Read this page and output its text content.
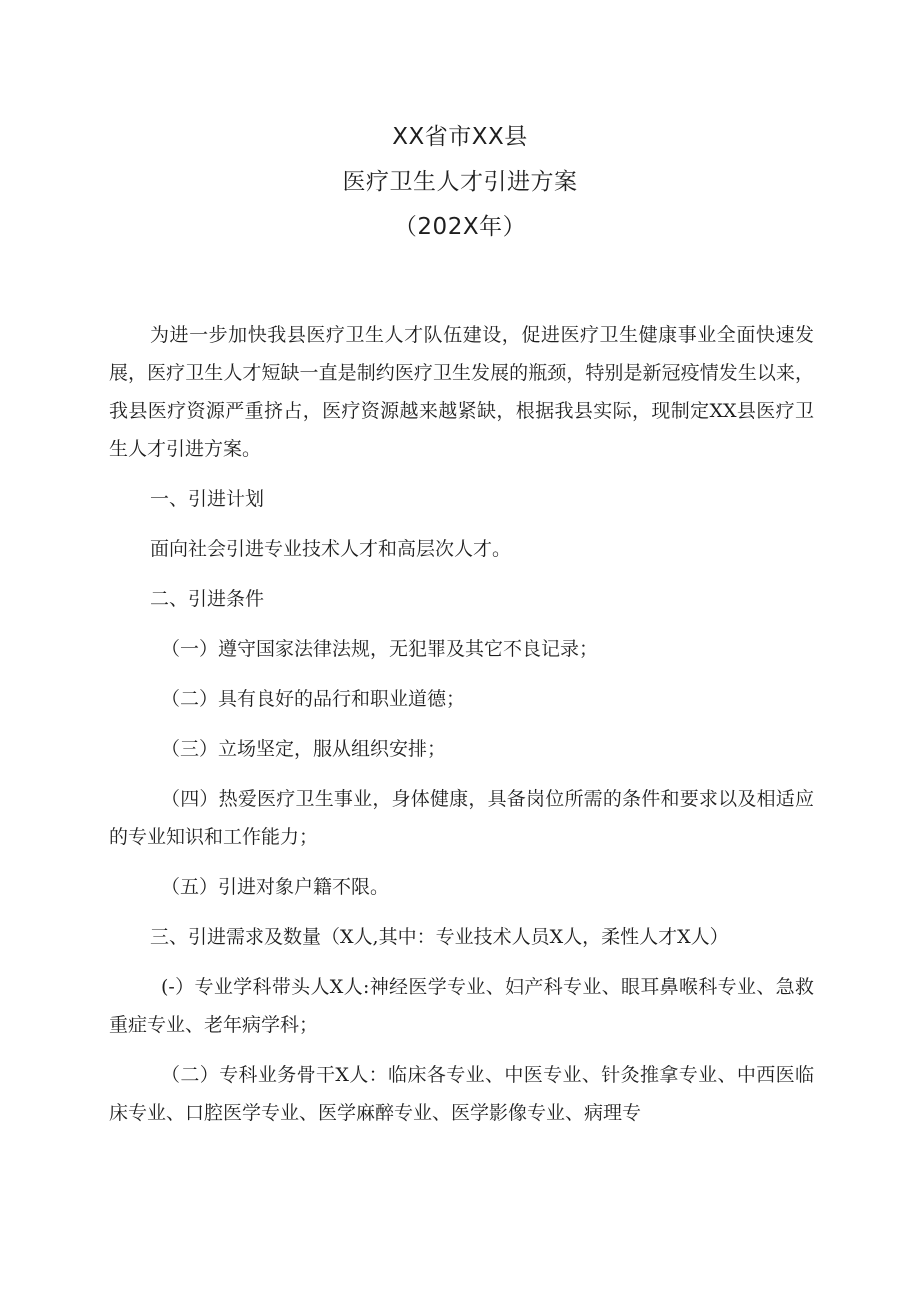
XX省市XX县
医疗卫生人才引进方案
（202X年）

为进一步加快我县医疗卫生人才队伍建设，促进医疗卫生健康事业全面快速发展，医疗卫生人才短缺一直是制约医疗卫生发展的瓶颈，特别是新冠疫情发生以来，我县医疗资源严重挤占，医疗资源越来越紧缺，根据我县实际，现制定XX县医疗卫生人才引进方案。

一、引进计划

面向社会引进专业技术人才和高层次人才。

二、引进条件

（一）遵守国家法律法规，无犯罪及其它不良记录；

（二）具有良好的品行和职业道德；

（三）立场坚定，服从组织安排；

（四）热爱医疗卫生事业，身体健康，具备岗位所需的条件和要求以及相适应的专业知识和工作能力；

（五）引进对象户籍不限。

三、引进需求及数量（X人,其中：专业技术人员X人，柔性人才X人）

(-）专业学科带头人X人:神经医学专业、妇产科专业、眼耳鼻喉科专业、急救重症专业、老年病学科；

（二）专科业务骨干X人：临床各专业、中医专业、针灸推拿专业、中西医临床专业、口腔医学专业、医学麻醉专业、医学影像专业、病理专
